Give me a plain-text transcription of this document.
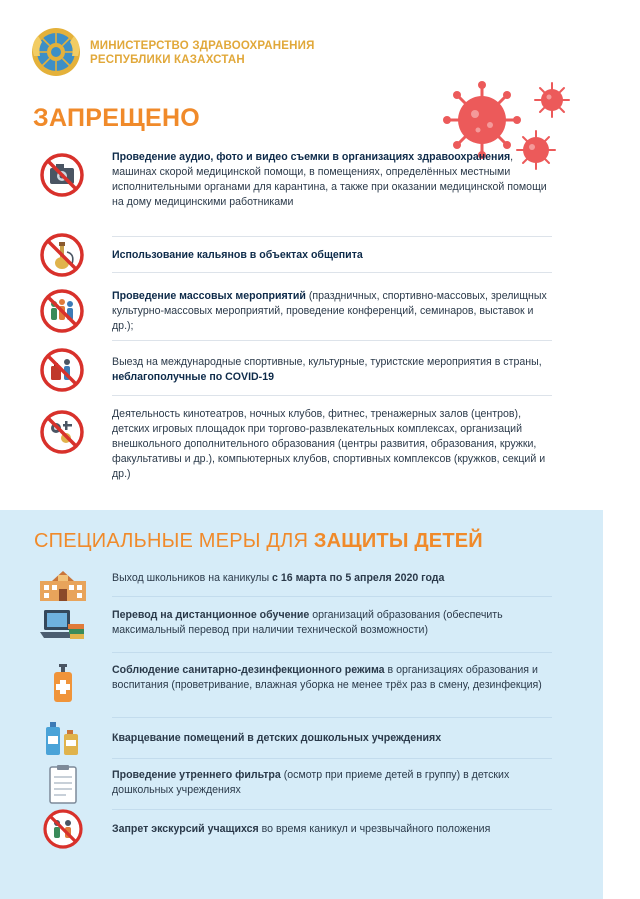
МИНИСТЕРСТВО ЗДРАВООХРАНЕНИЯ
РЕСПУБЛИКИ КАЗАХСТАН
ЗАПРЕЩЕНО
Проведение аудио, фото и видео съемки в организациях здравоохранения, машинах скорой медицинской помощи, в помещениях, определённых местными исполнительными органами для карантина, а также при оказании медицинской помощи на дому медицинскими работниками
Использование кальянов в объектах общепита
Проведение массовых мероприятий (праздничных, спортивно-массовых, зрелищных культурно-массовых мероприятий, проведение конференций, семинаров, выставок и др.);
Выезд на международные спортивные, культурные, туристские мероприятия в страны, неблагополучные по COVID-19
Деятельность кинотеатров, ночных клубов, фитнес, тренажерных залов (центров), детских игровых площадок при торгово-развлекательных комплексах, организаций внешкольного дополнительного образования (центры развития, образования, кружки, факультативы и др.), компьютерных клубов, спортивных комплексов (кружков, секций и др.)
СПЕЦИАЛЬНЫЕ МЕРЫ ДЛЯ ЗАЩИТЫ ДЕТЕЙ
Выход школьников на каникулы с 16 марта по 5 апреля 2020 года
Перевод на дистанционное обучение организаций образования (обеспечить максимальный перевод при наличии технической возможности)
Соблюдение санитарно-дезинфекционного режима в организациях образования и воспитания (проветривание, влажная уборка не менее трёх раз в смену, дезинфекция)
Кварцевание помещений в детских дошкольных учреждениях
Проведение утреннего фильтра (осмотр при приеме детей в группу) в детских дошкольных учреждениях
Запрет экскурсий учащихся во время каникул и чрезвычайного положения
